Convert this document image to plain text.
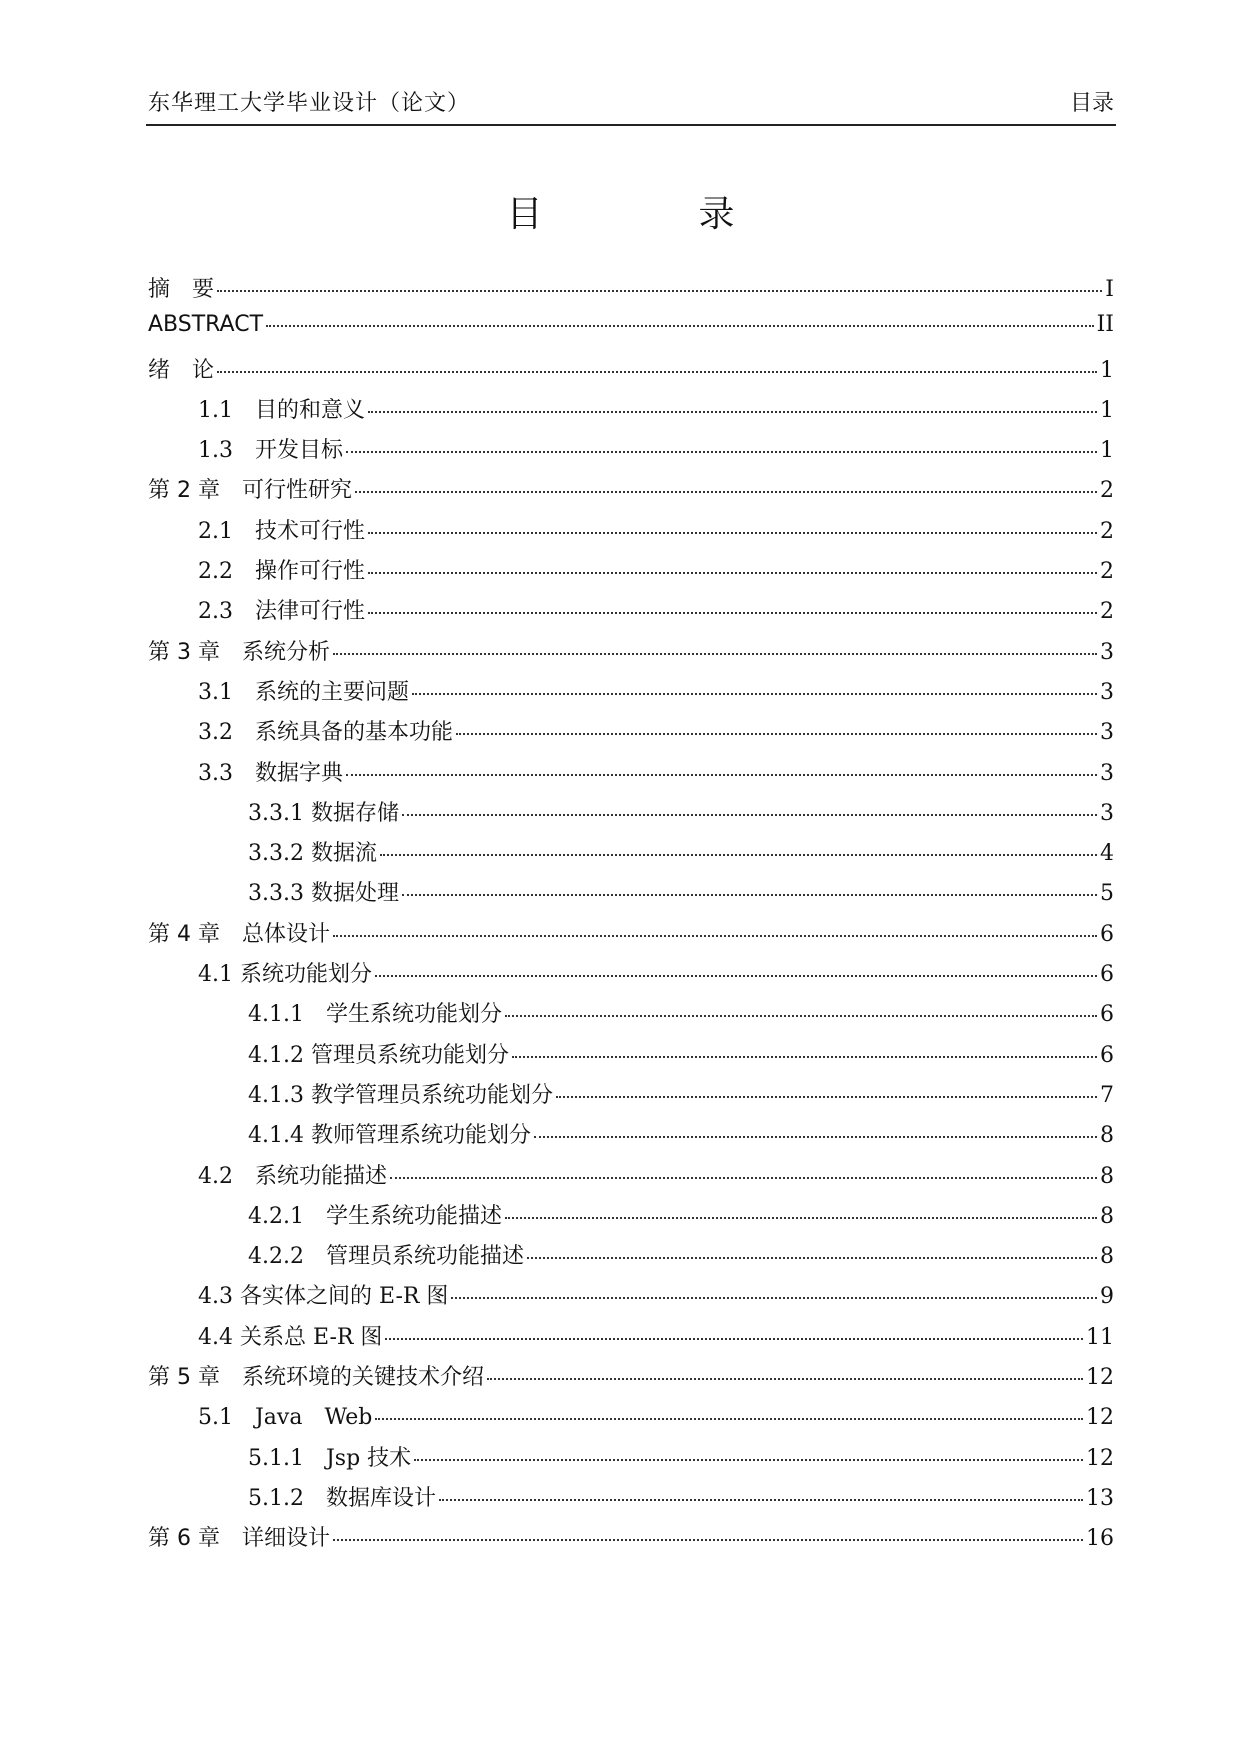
东华理工大学毕业设计（论文）	目录
目　录
摘　要	I
ABSTRACT	II
绪　论	1
1.1　目的和意义	1
1.3　开发目标	1
第 2 章　可行性研究	2
2.1　技术可行性	2
2.2　操作可行性	2
2.3　法律可行性	2
第 3 章　系统分析	3
3.1　系统的主要问题	3
3.2　系统具备的基本功能	3
3.3　数据字典	3
3.3.1 数据存储	3
3.3.2 数据流	4
3.3.3 数据处理	5
第 4 章　总体设计	6
4.1 系统功能划分	6
4.1.1　学生系统功能划分	6
4.1.2 管理员系统功能划分	6
4.1.3 教学管理员系统功能划分	7
4.1.4 教师管理系统功能划分	8
4.2　系统功能描述	8
4.2.1　学生系统功能描述	8
4.2.2　管理员系统功能描述	8
4.3 各实体之间的 E-R 图	9
4.4 关系总 E-R 图	11
第 5 章　系统环境的关键技术介绍	12
5.1　Java　Web	12
5.1.1　Jsp 技术	12
5.1.2　数据库设计	13
第 6 章　详细设计	16
